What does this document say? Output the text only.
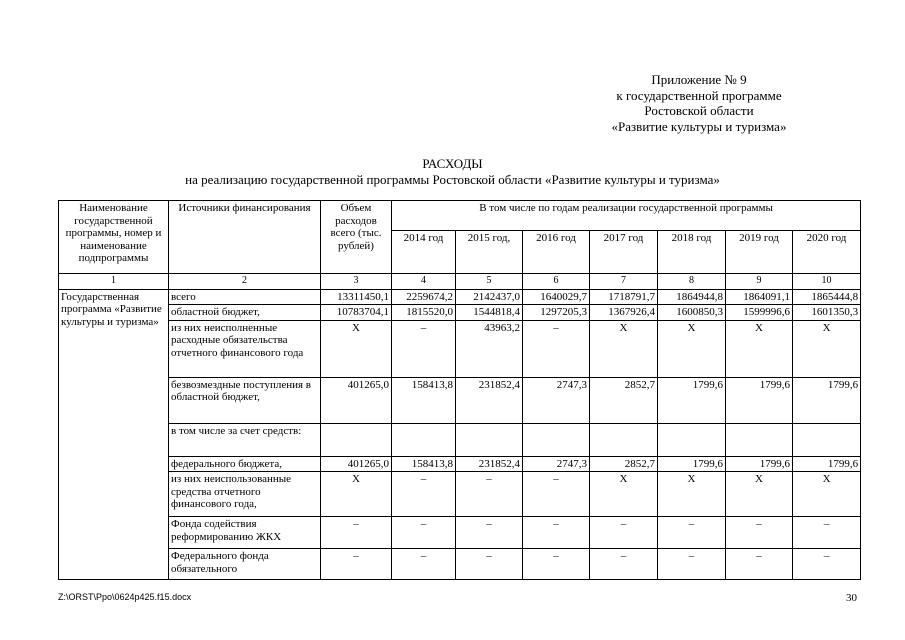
Приложение № 9
к государственной программе
Ростовской области
«Развитие культуры и туризма»
РАСХОДЫ
на реализацию государственной программы Ростовской области «Развитие культуры и туризма»
Наименование государственной программы, номер и наименование подпрограммы	Источники финансирования	Объем расходов всего (тыс. рублей)	В том числе по годам реализации государственной программы						
			2014 год	2015 год,	2016 год	2017 год	2018 год	2019 год	2020 год
1	2	3	4	5	6	7	8	9	10
Государственная программа «Развитие культуры и туризма»	всего	13311450,1	2259674,2	2142437,0	1640029,7	1718791,7	1864944,8	1864091,1	1865444,8
	областной бюджет,	10783704,1	1815520,0	1544818,4	1297205,3	1367926,4	1600850,3	1599996,6	1601350,3
	из них неисполненные расходные обязательства отчетного финансового года	Х	–	43963,2	–	Х	Х	Х	Х
	безвозмездные поступления в областной бюджет,	401265,0	158413,8	231852,4	2747,3	2852,7	1799,6	1799,6	1799,6
	в том числе за счет средств:								
	федерального бюджета,	401265,0	158413,8	231852,4	2747,3	2852,7	1799,6	1799,6	1799,6
	из них неиспользованные средства отчетного финансового года,	Х	–	–	–	Х	Х	Х	Х
	Фонда содействия реформированию ЖКХ	–	–	–	–	–	–	–	–
	Федерального фонда обязательного	–	–	–	–	–	–	–	–
Z:\ORST\Ppo\0624p425.f15.docx	30
